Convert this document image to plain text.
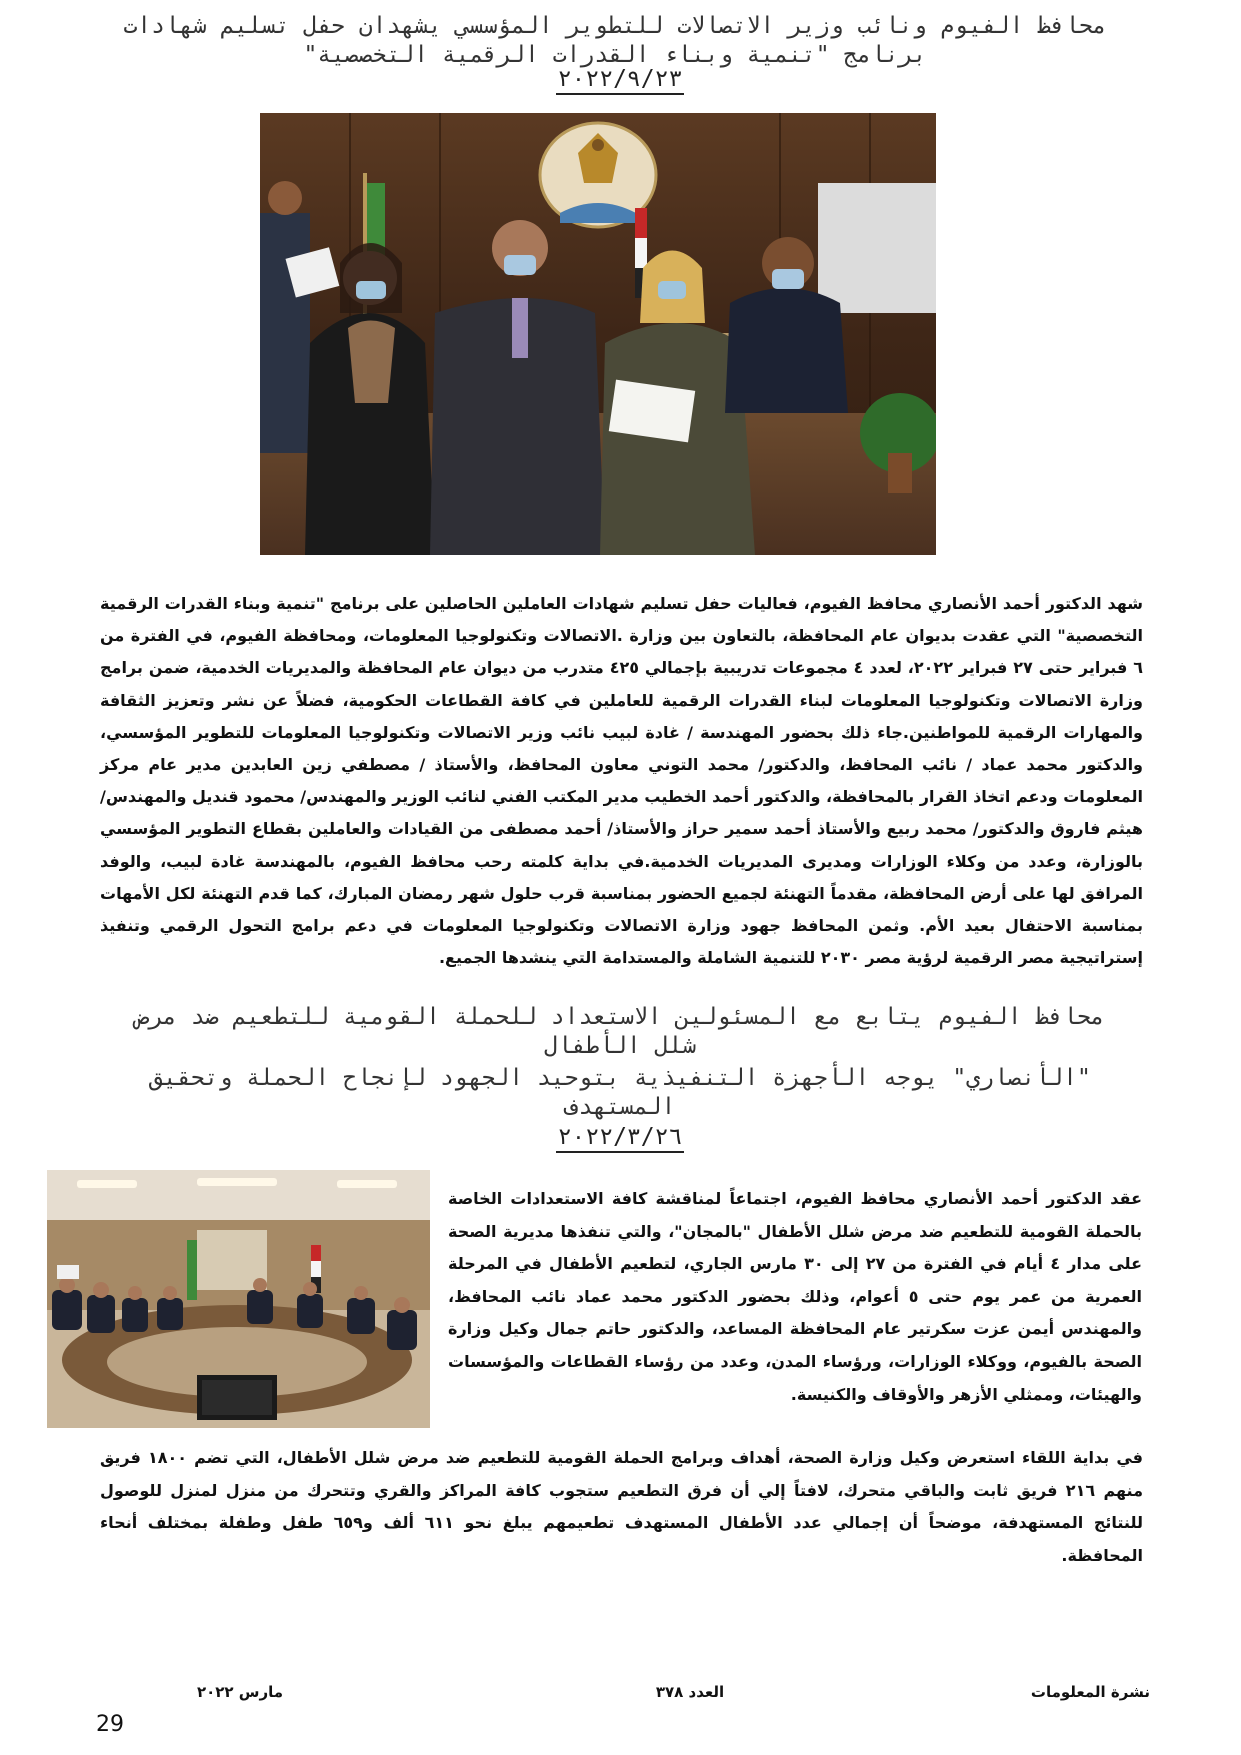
محافظ الفيوم ونائب وزير الاتصالات للتطوير المؤسسي يشهدان حفل تسليم شهادات برنامج "تنمية وبناء القدرات الرقمية التخصصية"
٢٠٢٢/٩/٢٣
شهد الدكتور أحمد الأنصاري محافظ الفيوم، فعاليات حفل تسليم شهادات العاملين الحاصلين على برنامج "تنمية وبناء القدرات الرقمية التخصصية" التي عقدت بديوان عام المحافظة، بالتعاون بين وزارة .الاتصالات وتكنولوجيا المعلومات، ومحافظة الفيوم، في الفترة من ٦ فبراير حتى ٢٧ فبراير ٢٠٢٢، لعدد ٤ مجموعات تدريبية بإجمالي ٤٢٥ متدرب من ديوان عام المحافظة والمديريات الخدمية، ضمن برامج وزارة الاتصالات وتكنولوجيا المعلومات لبناء القدرات الرقمية للعاملين في كافة القطاعات الحكومية، فضلاً عن نشر وتعزيز الثقافة والمهارات الرقمية للمواطنين.جاء ذلك بحضور المهندسة / غادة لبيب نائب وزير الاتصالات وتكنولوجيا المعلومات للتطوير المؤسسي، والدكتور محمد عماد / نائب المحافظ، والدكتور/ محمد التوني معاون المحافظ، والأستاذ / مصطفي زين العابدين مدير عام مركز المعلومات ودعم اتخاذ القرار بالمحافظة، والدكتور أحمد الخطيب مدير المكتب الفني لنائب الوزير والمهندس/ محمود قنديل والمهندس/ هيثم فاروق والدكتور/ محمد ربيع والأستاذ أحمد سمير حراز والأستاذ/ أحمد مصطفى من القيادات والعاملين بقطاع التطوير المؤسسي بالوزارة، وعدد من وكلاء الوزارات ومديرى المديريات الخدمية.في بداية كلمته رحب محافظ الفيوم، بالمهندسة غادة لبيب، والوفد المرافق لها على أرض المحافظة، مقدماً التهنئة لجميع الحضور بمناسبة قرب حلول شهر رمضان المبارك، كما قدم التهنئة لكل الأمهات بمناسبة الاحتفال بعيد الأم. وثمن المحافظ جهود وزارة الاتصالات وتكنولوجيا المعلومات في دعم برامج التحول الرقمي وتنفيذ إستراتيجية مصر الرقمية لرؤية مصر ٢٠٣٠ للتنمية الشاملة والمستدامة التي ينشدها الجميع.
محافظ الفيوم يتابع مع المسئولين الاستعداد للحملة القومية للتطعيم ضد مرض شلل الأطفال
"الأنصاري" يوجه الأجهزة التنفيذية بتوحيد الجهود لإنجاح الحملة وتحقيق المستهدف
٢٠٢٢/٣/٢٦
عقد الدكتور أحمد الأنصاري محافظ الفيوم، اجتماعاً لمناقشة كافة الاستعدادات الخاصة بالحملة القومية للتطعيم ضد مرض شلل الأطفال "بالمجان"، والتي تنفذها مديرية الصحة على مدار ٤ أيام في الفترة من ٢٧ إلى ٣٠ مارس الجاري، لتطعيم الأطفال في المرحلة العمرية من عمر يوم حتى ٥ أعوام، وذلك بحضور الدكتور محمد عماد نائب المحافظ، والمهندس أيمن عزت سكرتير عام المحافظة المساعد، والدكتور حاتم جمال وكيل وزارة الصحة بالفيوم، ووكلاء الوزارات، ورؤساء المدن، وعدد من رؤساء القطاعات والمؤسسات والهيئات، وممثلي الأزهر والأوقاف والكنيسة.
في بداية اللقاء استعرض وكيل وزارة الصحة، أهداف وبرامج الحملة القومية للتطعيم ضد مرض شلل الأطفال، التي تضم ١٨٠٠ فريق منهم ٢١٦ فريق ثابت والباقي متحرك، لافتاً إلي أن فرق التطعيم ستجوب كافة المراكز والقري وتتحرك من منزل لمنزل للوصول للنتائج المستهدفة، موضحاً أن إجمالي عدد الأطفال المستهدف تطعيمهم يبلغ نحو ٦١١ ألف و٦٥٩ طفل وطفلة بمختلف أنحاء المحافظة.
نشرة المعلومات
العدد ٣٧٨
مارس ٢٠٢٢
29
